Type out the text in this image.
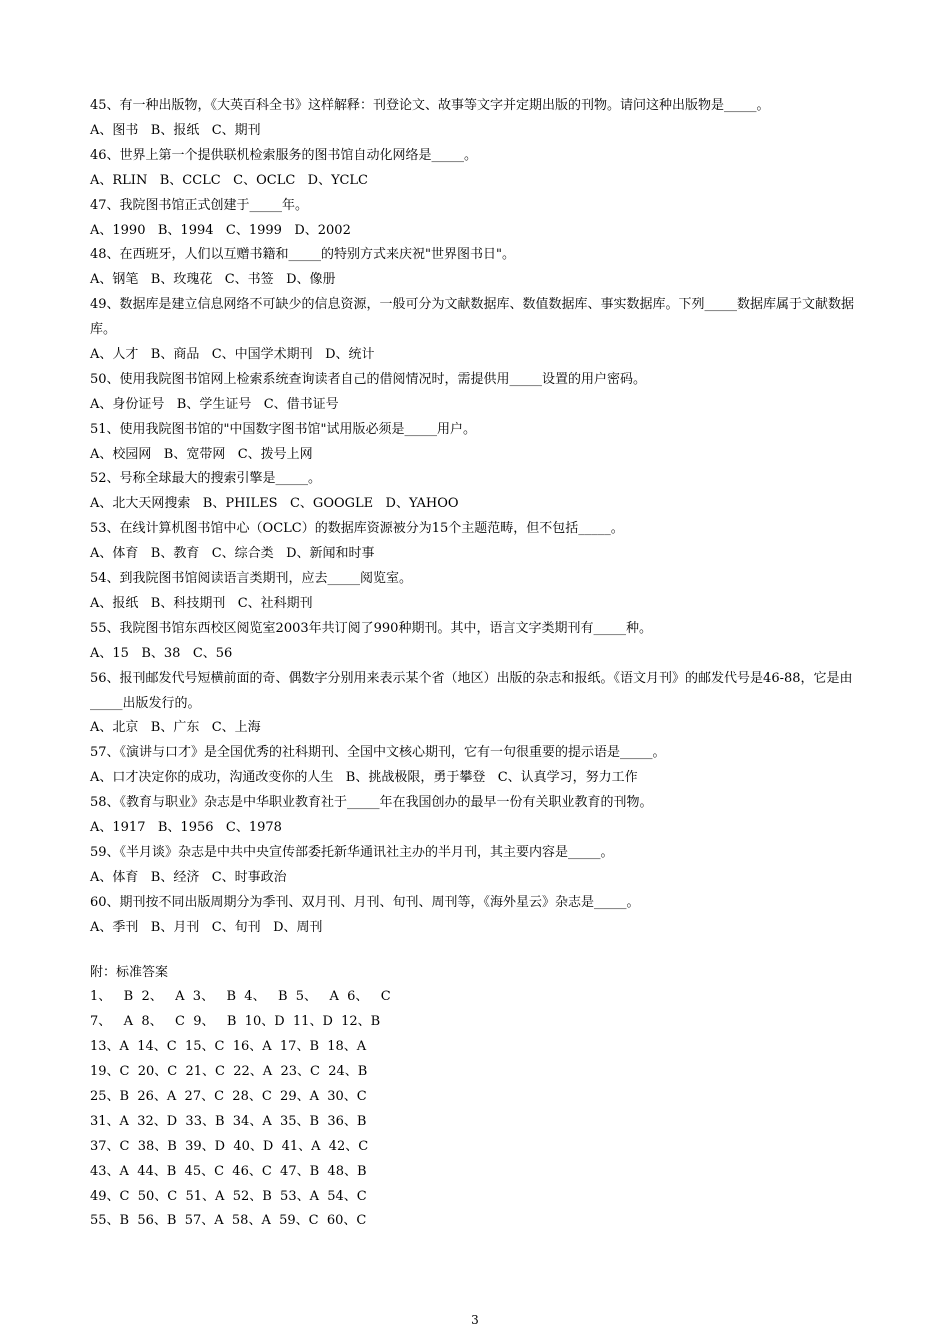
45、有一种出版物，《大英百科全书》这样解释：刊登论文、故事等文字并定期出版的刊物。请问这种出版物是_____。
A、图书   B、报纸   C、期刊
46、世界上第一个提供联机检索服务的图书馆自动化网络是_____。
A、RLIN   B、CCLC   C、OCLC   D、YCLC
47、我院图书馆正式创建于_____年。
A、1990   B、1994   C、1999   D、2002
48、在西班牙，人们以互赠书籍和_____的特别方式来庆祝"世界图书日"。
A、钢笔   B、玫瑰花   C、书签   D、像册
49、数据库是建立信息网络不可缺少的信息资源，一般可分为文献数据库、数值数据库、事实数据库。下列_____数据库属于文献数据库。
A、人才   B、商品   C、中国学术期刊   D、统计
50、使用我院图书馆网上检索系统查询读者自己的借阅情况时，需提供用_____设置的用户密码。
A、身份证号   B、学生证号   C、借书证号
51、使用我院图书馆的"中国数字图书馆"试用版必须是_____用户。
A、校园网   B、宽带网   C、拨号上网
52、号称全球最大的搜索引擎是_____。
A、北大天网搜索   B、PHILES   C、GOOGLE   D、YAHOO
53、在线计算机图书馆中心（OCLC）的数据库资源被分为15个主题范畴，但不包括_____。
A、体育   B、教育   C、综合类   D、新闻和时事
54、到我院图书馆阅读语言类期刊，应去_____阅览室。
A、报纸   B、科技期刊   C、社科期刊
55、我院图书馆东西校区阅览室2003年共订阅了990种期刊。其中，语言文字类期刊有_____种。
A、15   B、38   C、56
56、报刊邮发代号短横前面的奇、偶数字分别用来表示某个省（地区）出版的杂志和报纸。《语文月刊》的邮发代号是46-88，它是由_____出版发行的。
A、北京   B、广东   C、上海
57、《演讲与口才》是全国优秀的社科期刊、全国中文核心期刊，它有一句很重要的提示语是_____。
A、口才决定你的成功，沟通改变你的人生   B、挑战极限，勇于攀登   C、认真学习，努力工作
58、《教育与职业》杂志是中华职业教育社于_____年在我国创办的最早一份有关职业教育的刊物。
A、1917   B、1956   C、1978
59、《半月谈》杂志是中共中央宣传部委托新华通讯社主办的半月刊，其主要内容是_____。
A、体育   B、经济   C、时事政治
60、期刊按不同出版周期分为季刊、双月刊、月刊、旬刊、周刊等，《海外星云》杂志是_____。
A、季刊   B、月刊   C、旬刊   D、周刊
附：标准答案
1、   B  2、   A  3、   B  4、   B  5、   A  6、   C
7、   A  8、   C  9、   B  10、D  11、D  12、B
13、A  14、C  15、C  16、A  17、B  18、A
19、C  20、C  21、C  22、A  23、C  24、B
25、B  26、A  27、C  28、C  29、A  30、C
31、A  32、D  33、B  34、A  35、B  36、B
37、C  38、B  39、D  40、D  41、A  42、C
43、A  44、B  45、C  46、C  47、B  48、B
49、C  50、C  51、A  52、B  53、A  54、C
55、B  56、B  57、A  58、A  59、C  60、C
3
